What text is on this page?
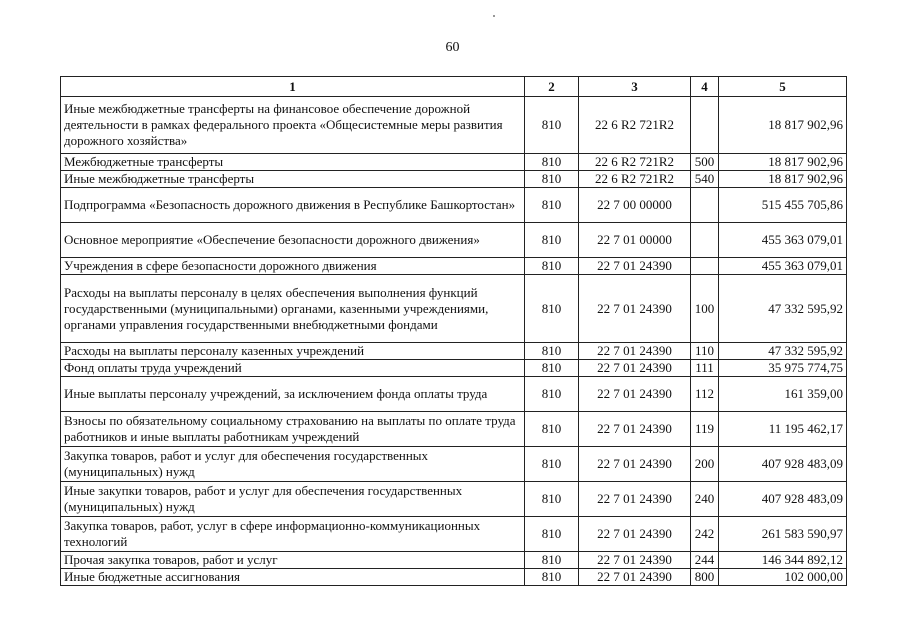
60
1	2	3	4	5
Иные межбюджетные трансферты на финансовое обеспечение дорожной деятельности в рамках федерального проекта «Общесистемные меры развития дорожного хозяйства»	810	22 6 R2 721R2		18 817 902,96
Межбюджетные трансферты	810	22 6 R2 721R2	500	18 817 902,96
Иные межбюджетные трансферты	810	22 6 R2 721R2	540	18 817 902,96
Подпрограмма «Безопасность дорожного движения в Республике Башкортостан»	810	22 7 00 00000		515 455 705,86
Основное мероприятие «Обеспечение безопасности дорожного движения»	810	22 7 01 00000		455 363 079,01
Учреждения в сфере безопасности дорожного движения	810	22 7 01 24390		455 363 079,01
Расходы на выплаты персоналу в целях обеспечения выполнения функций государственными (муниципальными) органами, казенными учреждениями, органами управления государственными внебюджетными фондами	810	22 7 01 24390	100	47 332 595,92
Расходы на выплаты персоналу казенных учреждений	810	22 7 01 24390	110	47 332 595,92
Фонд оплаты труда учреждений	810	22 7 01 24390	111	35 975 774,75
Иные выплаты персоналу учреждений, за исключением фонда оплаты труда	810	22 7 01 24390	112	161 359,00
Взносы по обязательному социальному страхованию на выплаты по оплате труда работников и иные выплаты работникам учреждений	810	22 7 01 24390	119	11 195 462,17
Закупка товаров, работ и услуг для обеспечения государственных (муниципальных) нужд	810	22 7 01 24390	200	407 928 483,09
Иные закупки товаров, работ и услуг для обеспечения государственных (муниципальных) нужд	810	22 7 01 24390	240	407 928 483,09
Закупка товаров, работ, услуг в сфере информационно-коммуникационных технологий	810	22 7 01 24390	242	261 583 590,97
Прочая закупка товаров, работ и услуг	810	22 7 01 24390	244	146 344 892,12
Иные бюджетные ассигнования	810	22 7 01 24390	800	102 000,00
